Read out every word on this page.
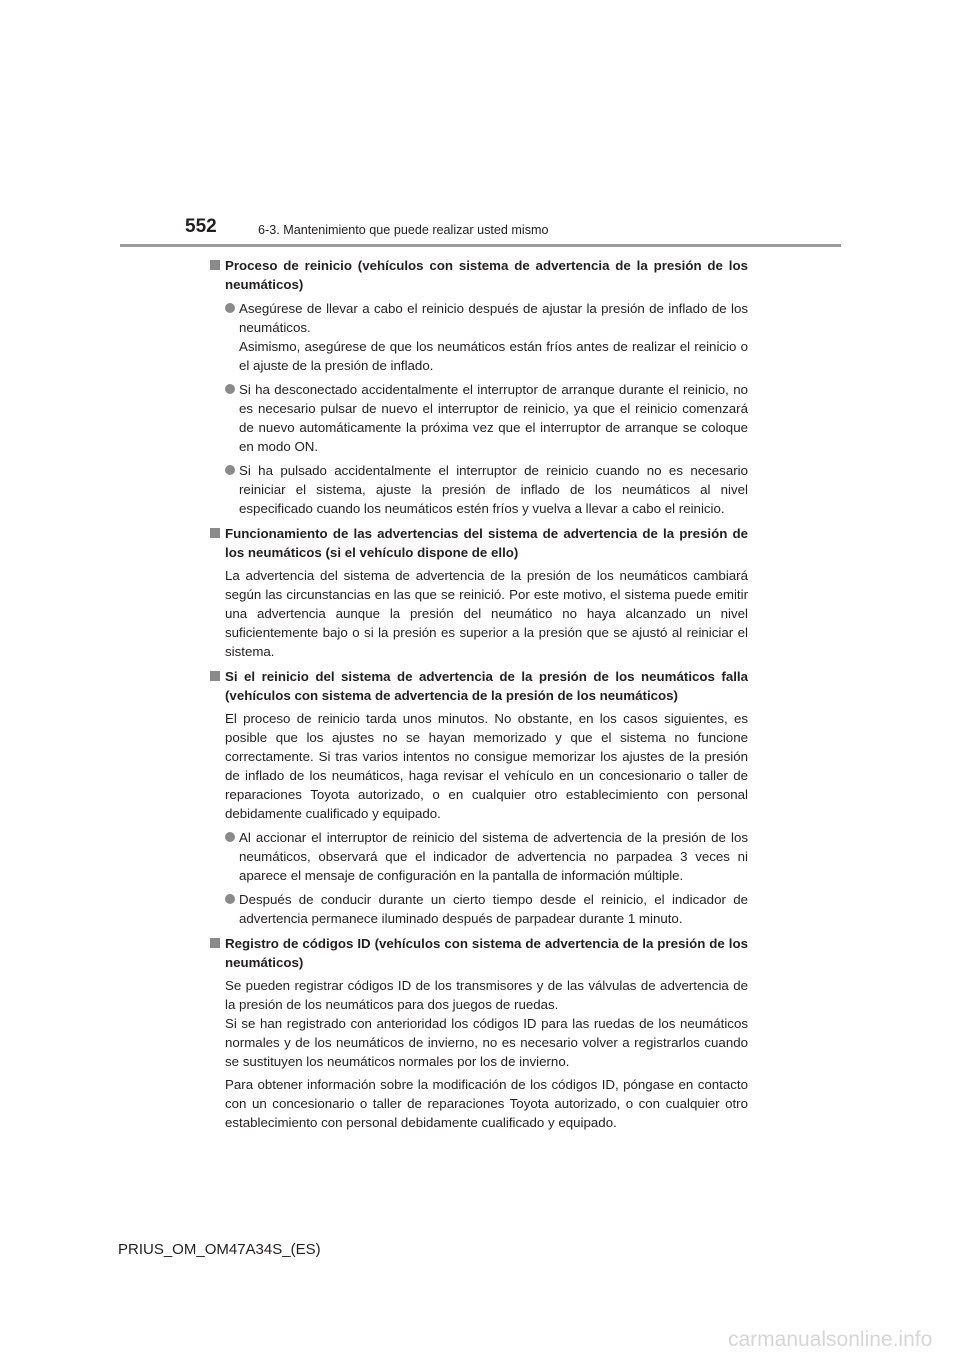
552	6-3. Mantenimiento que puede realizar usted mismo
Proceso de reinicio (vehículos con sistema de advertencia de la presión de los neumáticos)
Asegúrese de llevar a cabo el reinicio después de ajustar la presión de inflado de los neumáticos.
Asimismo, asegúrese de que los neumáticos están fríos antes de realizar el reinicio o el ajuste de la presión de inflado.
Si ha desconectado accidentalmente el interruptor de arranque durante el reinicio, no es necesario pulsar de nuevo el interruptor de reinicio, ya que el reinicio comenzará de nuevo automáticamente la próxima vez que el interruptor de arranque se coloque en modo ON.
Si ha pulsado accidentalmente el interruptor de reinicio cuando no es necesario reiniciar el sistema, ajuste la presión de inflado de los neumáticos al nivel especificado cuando los neumáticos estén fríos y vuelva a llevar a cabo el reinicio.
Funcionamiento de las advertencias del sistema de advertencia de la presión de los neumáticos (si el vehículo dispone de ello)
La advertencia del sistema de advertencia de la presión de los neumáticos cambiará según las circunstancias en las que se reinició. Por este motivo, el sistema puede emitir una advertencia aunque la presión del neumático no haya alcanzado un nivel suficientemente bajo o si la presión es superior a la presión que se ajustó al reiniciar el sistema.
Si el reinicio del sistema de advertencia de la presión de los neumáticos falla (vehículos con sistema de advertencia de la presión de los neumáticos)
El proceso de reinicio tarda unos minutos. No obstante, en los casos siguientes, es posible que los ajustes no se hayan memorizado y que el sistema no funcione correctamente. Si tras varios intentos no consigue memorizar los ajustes de la presión de inflado de los neumáticos, haga revisar el vehículo en un concesionario o taller de reparaciones Toyota autorizado, o en cualquier otro establecimiento con personal debidamente cualificado y equipado.
Al accionar el interruptor de reinicio del sistema de advertencia de la presión de los neumáticos, observará que el indicador de advertencia no parpadea 3 veces ni aparece el mensaje de configuración en la pantalla de información múltiple.
Después de conducir durante un cierto tiempo desde el reinicio, el indicador de advertencia permanece iluminado después de parpadear durante 1 minuto.
Registro de códigos ID (vehículos con sistema de advertencia de la presión de los neumáticos)
Se pueden registrar códigos ID de los transmisores y de las válvulas de advertencia de la presión de los neumáticos para dos juegos de ruedas.
Si se han registrado con anterioridad los códigos ID para las ruedas de los neumáticos normales y de los neumáticos de invierno, no es necesario volver a registrarlos cuando se sustituyen los neumáticos normales por los de invierno.
Para obtener información sobre la modificación de los códigos ID, póngase en contacto con un concesionario o taller de reparaciones Toyota autorizado, o con cualquier otro establecimiento con personal debidamente cualificado y equipado.
PRIUS_OM_OM47A34S_(ES)
carmanualsonline.info
